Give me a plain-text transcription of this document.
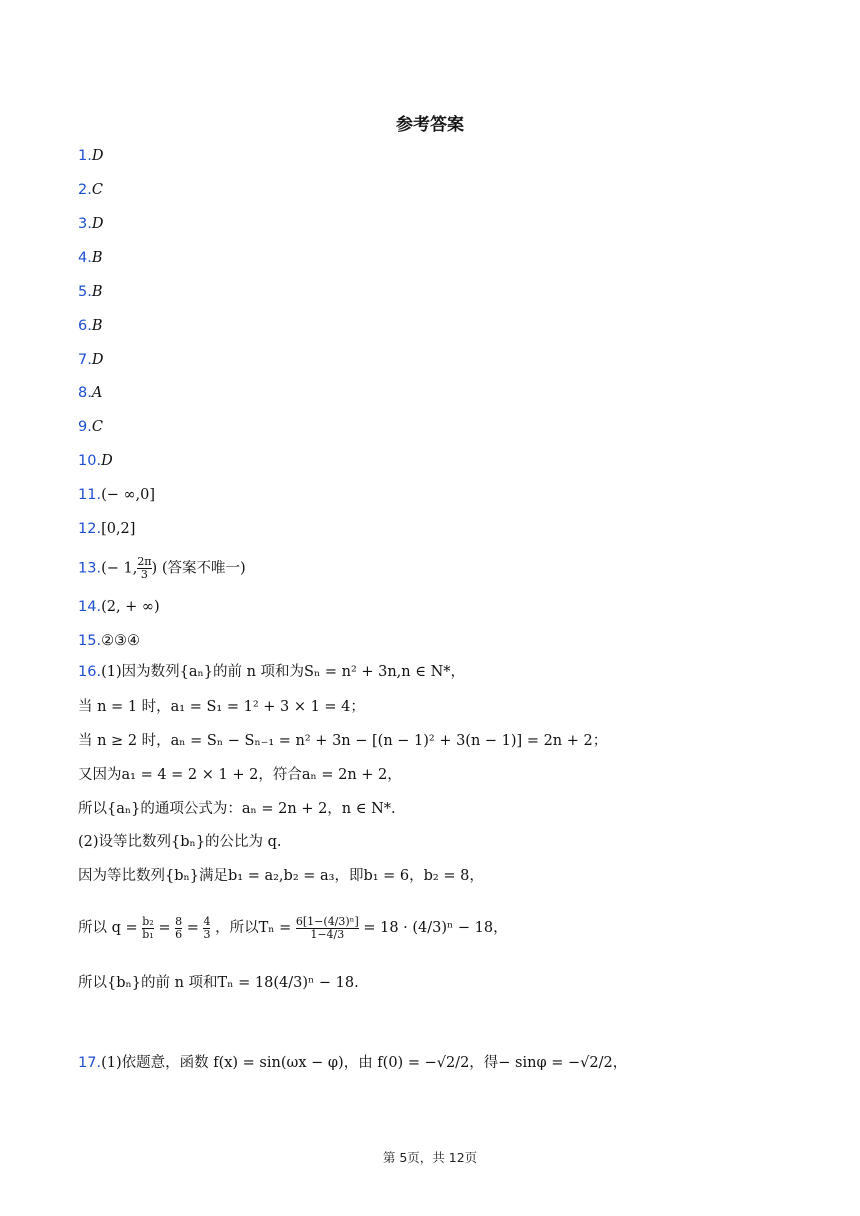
参考答案
1.D
2.C
3.D
4.B
5.B
6.B
7.D
8.A
9.C
10.D
11.(− ∞,0]
12.[0,2]
13.(− 1, $\frac{2\pi}{3}$ ) (答案不唯一)
14.(2, + ∞)
15.②③④
16.(1)因为数列{aₙ}的前 n 项和为Sₙ = n² + 3n,n ∈ N*，
当 n = 1 时，a₁ = S₁ = 1² + 3 × 1 = 4；
当 n ≥ 2 时，aₙ = Sₙ − Sₙ₋₁ = n² + 3n − [(n − 1)² + 3(n − 1)] = 2n + 2；
又因为a₁ = 4 = 2 × 1 + 2，符合aₙ = 2n + 2，
所以{aₙ}的通项公式为：aₙ = 2n + 2，n ∈ N*.
(2)设等比数列{bₙ}的公比为 q.
因为等比数列{bₙ}满足b₁ = a₂,b₂ = a₃，即b₁ = 6，b₂ = 8，
所以 $q = \frac{\text{b₂}}{\text{b₁}} = \frac{8}{6} = \frac{4}{3}$ ，所以$T_n = \frac{\text{6[1−(4/3)ⁿ]}}{1-4/3} = 18 \cdot (4/3)^n - 18$，
所以{bₙ}的前 n 项和Tₙ = 18(4/3)ⁿ − 18.
17.(1)依题意，函数 f(x) = sin(ωx − φ)，由 f(0) = −√2/2，得− sinφ = −√2/2，
第 5页，共 12页
